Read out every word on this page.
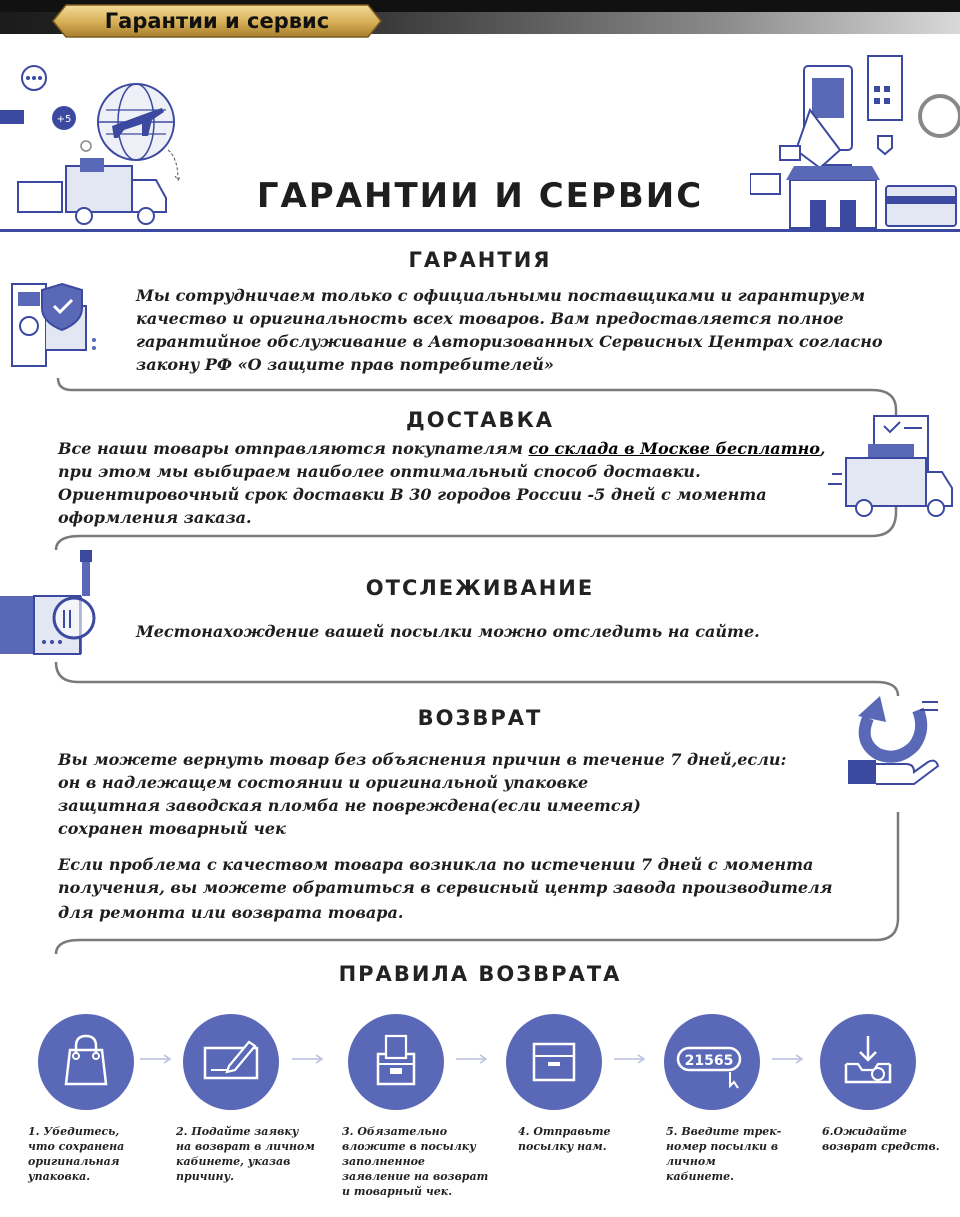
Гарантии и сервис
+5
ГАРАНТИИ И СЕРВИС
ГАРАНТИЯ
Мы сотрудничаем только с официальными поставщиками и гарантируем
качество и оригинальность всех товаров. Вам предоставляется полное
гарантийное обслуживание в Авторизованных Сервисных Центрах согласно
закону РФ «О защите прав потребителей»
ДОСТАВКА
Все наши товары отправляются покупателям со склада в Москве бесплатно,
при этом мы выбираем наиболее оптимальный способ доставки.
Ориентировочный срок доставки В 30 городов России -5 дней с момента
оформления заказа.
ОТСЛЕЖИВАНИЕ
Местонахождение вашей посылки можно отследить на сайте.
ВОЗВРАТ
Вы можете вернуть товар без объяснения причин в течение 7 дней,если:
он в надлежащем состоянии и оригинальной упаковке
защитная заводская пломба не повреждена(если имеется)
сохранен товарный чек
Если проблема с качеством товара возникла по истечении 7 дней с момента
получения, вы можете обратиться в сервисный центр завода производителя
для ремонта или возврата товара.
ПРАВИЛА ВОЗВРАТА
1. Убедитесь, что сохранена оригинальная упаковка.
2. Подайте заявку на возврат в личном кабинете, указав причину.
3. Обязательно вложите в посылку заполненное заявление на возврат и товарный чек.
4. Отправьте посылку нам.
21565
5. Введите трек-номер посылки в личном кабинете.
6.Ожидайте возврат средств.
